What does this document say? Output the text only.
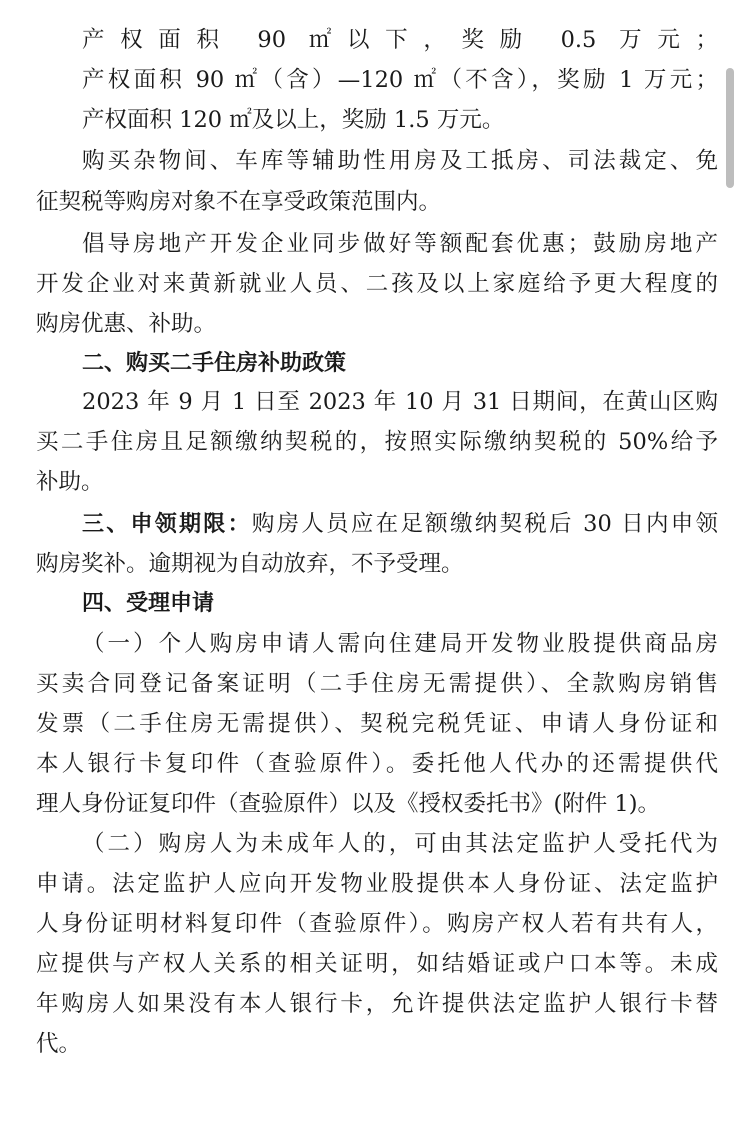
产权面积 90 ㎡以下，奖励 0.5 万元；
产权面积 90 ㎡（含）—120 ㎡（不含），奖励 1 万元；
产权面积 120 ㎡及以上，奖励 1.5 万元。
购买杂物间、车库等辅助性用房及工抵房、司法裁定、免
征契税等购房对象不在享受政策范围内。
倡导房地产开发企业同步做好等额配套优惠；鼓励房地产
开发企业对来黄新就业人员、二孩及以上家庭给予更大程度的
购房优惠、补助。
二、购买二手住房补助政策
2023 年 9 月 1 日至 2023 年 10 月 31 日期间，在黄山区购
买二手住房且足额缴纳契税的，按照实际缴纳契税的 50%给予
补助。
三、申领期限：购房人员应在足额缴纳契税后 30 日内申领
购房奖补。逾期视为自动放弃，不予受理。
四、受理申请
（一）个人购房申请人需向住建局开发物业股提供商品房
买卖合同登记备案证明（二手住房无需提供）、全款购房销售
发票（二手住房无需提供）、契税完税凭证、申请人身份证和
本人银行卡复印件（查验原件）。委托他人代办的还需提供代
理人身份证复印件（查验原件）以及《授权委托书》(附件 1)。
（二）购房人为未成年人的，可由其法定监护人受托代为
申请。法定监护人应向开发物业股提供本人身份证、法定监护
人身份证明材料复印件（查验原件）。购房产权人若有共有人，
应提供与产权人关系的相关证明，如结婚证或户口本等。未成
年购房人如果没有本人银行卡，允许提供法定监护人银行卡替
代。
